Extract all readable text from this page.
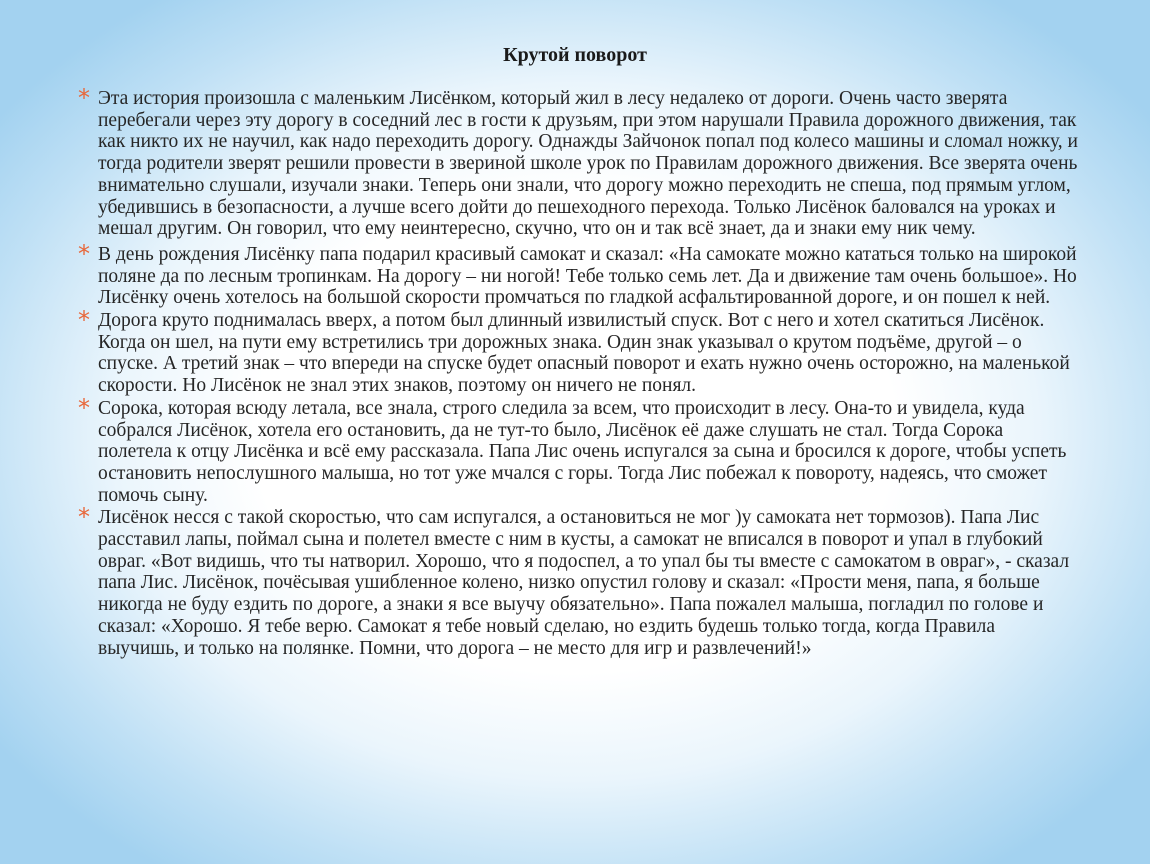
Крутой поворот
* Эта история произошла с маленьким Лисёнком, который жил в лесу недалеко от дороги. Очень часто зверята перебегали через эту дорогу в соседний лес в гости к друзьям, при этом нарушали Правила дорожного движения, так как никто их не научил, как надо переходить дорогу. Однажды Зайчонок попал под колесо машины и сломал ножку, и тогда родители зверят решили провести в звериной школе урок по Правилам дорожного движения. Все зверята очень внимательно слушали, изучали знаки. Теперь они знали, что дорогу можно переходить не спеша, под прямым углом, убедившись в безопасности, а лучше всего дойти до пешеходного перехода. Только Лисёнок баловался на уроках и мешал другим. Он говорил, что ему неинтересно, скучно, что он и так всё знает, да и знаки ему ник чему.
* В день рождения Лисёнку папа подарил красивый самокат и сказал: «На самокате можно кататься только на широкой поляне да по лесным тропинкам. На дорогу – ни ногой! Тебе только семь лет. Да и движение там очень большое». Но Лисёнку очень хотелось на большой скорости промчаться по гладкой асфальтированной дороге, и он пошел к ней.
* Дорога круто поднималась вверх, а потом был длинный извилистый спуск. Вот с него и хотел скатиться Лисёнок. Когда он шел, на пути ему встретились три дорожных знака. Один знак указывал о крутом подъёме, другой – о спуске. А третий знак – что впереди на спуске будет опасный поворот и ехать нужно очень осторожно, на маленькой скорости. Но Лисёнок не знал этих знаков, поэтому он ничего не понял.
* Сорока, которая всюду летала, все знала, строго следила за всем, что происходит в лесу. Она-то и увидела, куда собрался Лисёнок, хотела его остановить, да не тут-то было, Лисёнок её даже слушать не стал. Тогда Сорока полетела к отцу Лисёнка и всё ему рассказала. Папа Лис очень испугался за сына и бросился к дороге, чтобы успеть остановить непослушного малыша, но тот уже мчался с горы. Тогда Лис побежал к повороту, надеясь, что сможет помочь сыну.
* Лисёнок несся с такой скоростью, что сам испугался, а остановиться не мог )у самоката нет тормозов). Папа Лис расставил лапы, поймал сына и полетел вместе с ним в кусты, а самокат не вписался в поворот и упал в глубокий овраг. «Вот видишь, что ты натворил. Хорошо, что я подоспел, а то упал бы ты вместе с самокатом в овраг», - сказал папа Лис. Лисёнок, почёсывая ушибленное колено, низко опустил голову и сказал: «Прости меня, папа, я больше никогда не буду ездить по дороге, а знаки я все выучу обязательно». Папа пожалел малыша, погладил по голове и сказал: «Хорошо. Я тебе верю. Самокат я тебе новый сделаю, но ездить будешь только тогда, когда Правила выучишь, и только на полянке. Помни, что дорога – не место для игр и развлечений!»
